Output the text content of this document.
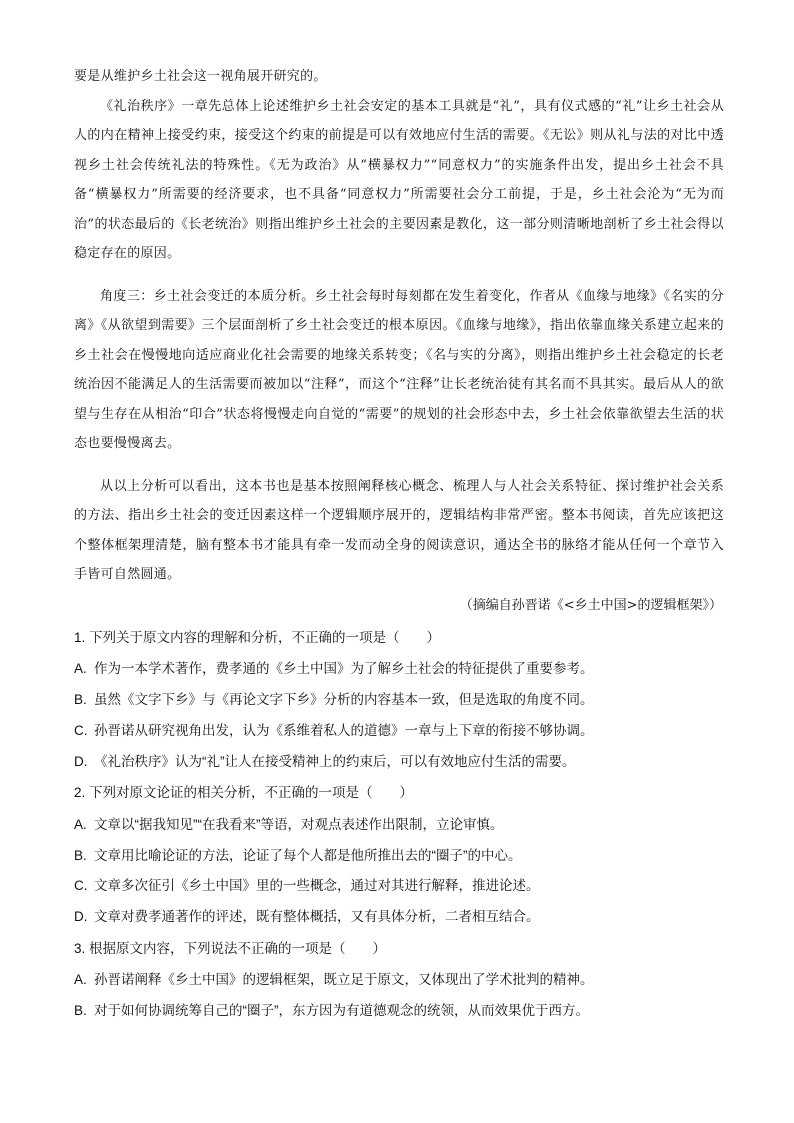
要是从维护乡土社会这一视角展开研究的。

《礼治秩序》一章先总体上论述维护乡土社会安定的基本工具就是“礼”，具有仪式感的“礼”让乡土社会从人的内在精神上接受约束，接受这个约束的前提是可以有效地应付生活的需要。《无讼》则从礼与法的对比中透视乡土社会传统礼法的特殊性。《无为政治》从“横暴权力”“同意权力”的实施条件出发，提出乡土社会不具备“横暴权力”所需要的经济要求，也不具备“同意权力”所需要社会分工前提，于是，乡土社会沦为“无为而治”的状态最后的《长老统治》则指出维护乡土社会的主要因素是教化，这一部分则清晰地剖析了乡土社会得以稳定存在的原因。

角度三：乡土社会变迁的本质分析。乡土社会每时每刻都在发生着变化，作者从《血缘与地缘》《名实的分离》《从欲望到需要》三个层面剖析了乡土社会变迁的根本原因。《血缘与地缘》，指出依靠血缘关系建立起来的乡土社会在慢慢地向适应商业化社会需要的地缘关系转变；《名与实的分离》，则指出维护乡土社会稳定的长老统治因不能满足人的生活需要而被加以“注释”，而这个“注释”让长老统治徒有其名而不具其实。最后从人的欲望与生存在从相治“印合”状态将慢慢走向自觉的“需要”的规划的社会形态中去，乡土社会依靠欲望去生活的状态也要慢慢离去。

从以上分析可以看出，这本书也是基本按照阐释核心概念、梳理人与人社会关系特征、探讨维护社会关系的方法、指出乡土社会的变迁因素这样一个逻辑顺序展开的，逻辑结构非常严密。整本书阅读，首先应该把这个整体框架理清楚，脑有整本书才能具有牵一发而动全身的阅读意识，通达全书的脉络才能从任何一个章节入手皆可自然圆通。

（摘编自孙晋诺《<乡土中国>的逻辑框架》）

1. 下列关于原文内容的理解和分析，不正确的一项是（　　）

A. 作为一本学术著作，费孝通的《乡土中国》为了解乡土社会的特征提供了重要参考。

B. 虽然《文字下乡》与《再论文字下乡》分析的内容基本一致，但是选取的角度不同。

C. 孙晋诺从研究视角出发，认为《系维着私人的道德》一章与上下章的衔接不够协调。

D. 《礼治秩序》认为“礼”让人在接受精神上的约束后，可以有效地应付生活的需要。

2. 下列对原文论证的相关分析，不正确的一项是（　　）

A. 文章以“据我知见”“在我看来”等语，对观点表述作出限制，立论审慎。

B. 文章用比喻论证的方法，论证了每个人都是他所推出去的“圈子”的中心。

C. 文章多次征引《乡土中国》里的一些概念，通过对其进行解释，推进论述。

D. 文章对费孝通著作的评述，既有整体概括，又有具体分析，二者相互结合。

3. 根据原文内容，下列说法不正确的一项是（　　）

A. 孙晋诺阐释《乡土中国》的逻辑框架，既立足于原文，又体现出了学术批判的精神。

B. 对于如何协调统筹自己的“圈子”，东方因为有道德观念的统领，从而效果优于西方。
